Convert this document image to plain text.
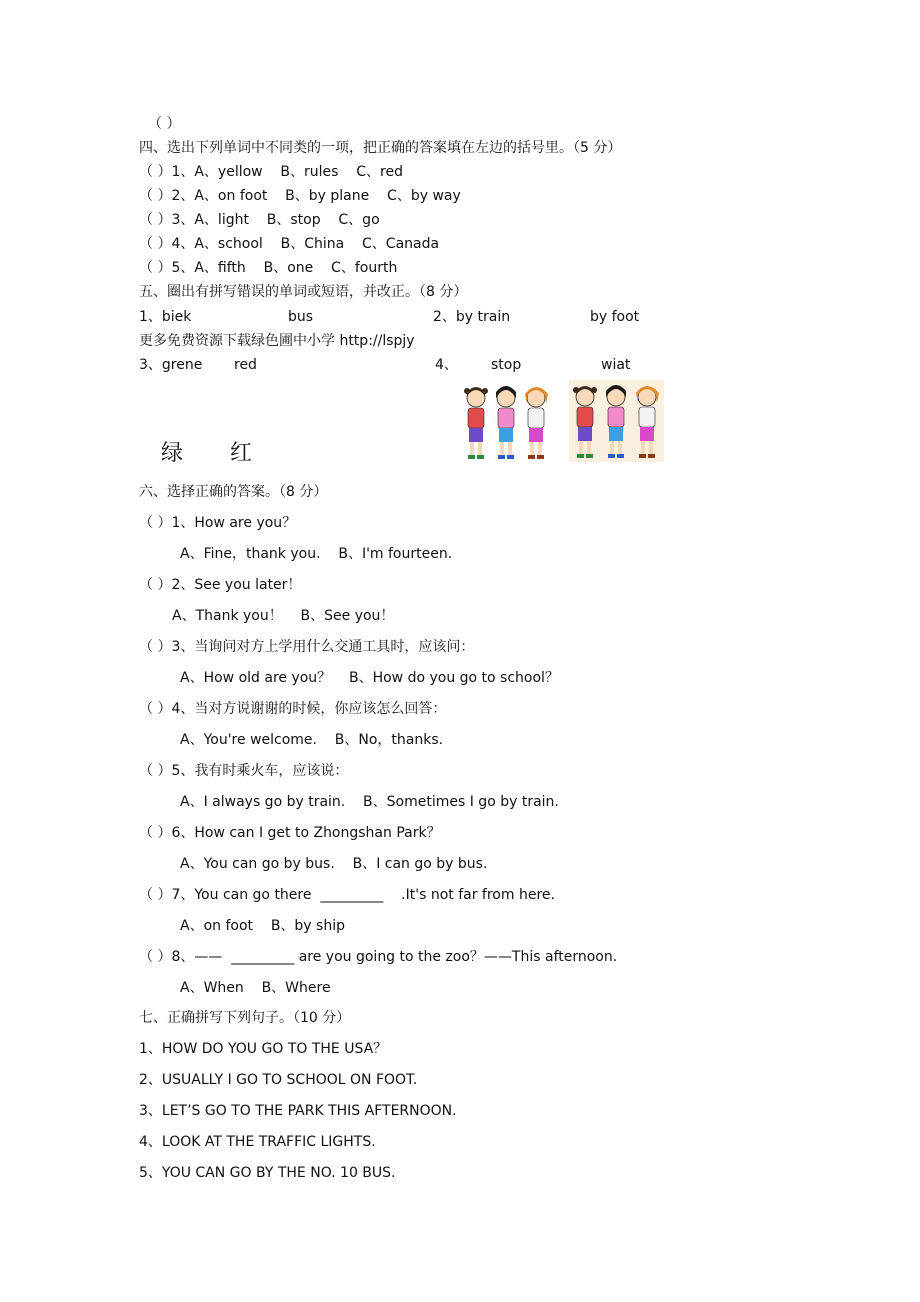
（ ）
四、选出下列单词中不同类的一项，把正确的答案填在左边的括号里。（5 分）
（ ）1、A、yellow    B、rules    C、red
（ ）2、A、on foot    B、by plane    C、by way
（ ）3、A、light    B、stop    C、go
（ ）4、A、school    B、China    C、Canada
（ ）5、A、fifth    B、one    C、fourth
五、圈出有拼写错误的单词或短语，并改正。（8 分）
1、biek	bus	2、by train	by foot
更多免费资源下载绿色圃中小学 http://lspjy
3、grene red	4、 stop	wiat
绿 红
六、选择正确的答案。（8 分）
（ ）1、How are you？
A、Fine，thank you.    B、I'm fourteen.
（ ）2、See you later！
A、Thank you！    B、See you！
（ ）3、当询问对方上学用什么交通工具时，应该问：
A、How old are you？    B、How do you go to school？
（ ）4、当对方说谢谢的时候，你应该怎么回答：
A、You're welcome.    B、No，thanks.
（ ）5、我有时乘火车，应该说：
A、I always go by train.    B、Sometimes I go by train.
（ ）6、How can I get to Zhongshan Park？
A、You can go by bus.    B、I can go by bus.
（ ）7、You can go there  _________    .It's not far from here.
A、on foot    B、by ship
（ ）8、——  _________ are you going to the zoo？——This afternoon.
A、When    B、Where
七、正确拼写下列句子。（10 分）
1、HOW DO YOU GO TO THE USA？
2、USUALLY I GO TO SCHOOL ON FOOT.
3、LET’S GO TO THE PARK THIS AFTERNOON.
4、LOOK AT THE TRAFFIC LIGHTS.
5、YOU CAN GO BY THE NO. 10 BUS.
